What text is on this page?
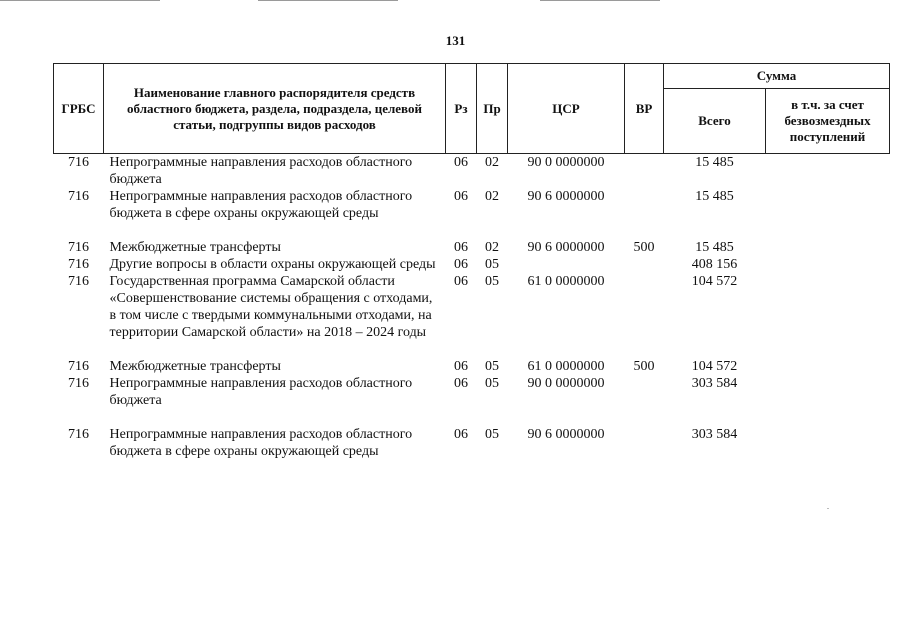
131
ГРБС	Наименование главного распорядителя средств областного бюджета, раздела, подраздела, целевой статьи, подгруппы видов расходов	Рз	Пр	ЦСР	ВР	Сумма	
						Всего	в т.ч. за счет безвозмездных поступлений
716	Непрограммные направления расходов областного бюджета	06	02	90 0 0000000		15 485	
716	Непрограммные направления расходов областного бюджета в сфере охраны окружающей среды	06	02	90 6 0000000		15 485	
716	Межбюджетные трансферты	06	02	90 6 0000000	500	15 485	
716	Другие вопросы в области охраны окружающей среды	06	05			408 156	
716	Государственная программа Самарской области «Совершенствование системы обращения с отходами, в том числе с твердыми коммунальными отходами, на территории Самарской области» на 2018 – 2024 годы	06	05	61 0 0000000		104 572	
716	Межбюджетные трансферты	06	05	61 0 0000000	500	104 572	
716	Непрограммные направления расходов областного бюджета	06	05	90 0 0000000		303 584	
716	Непрограммные направления расходов областного бюджета в сфере охраны окружающей среды	06	05	90 6 0000000		303 584	
